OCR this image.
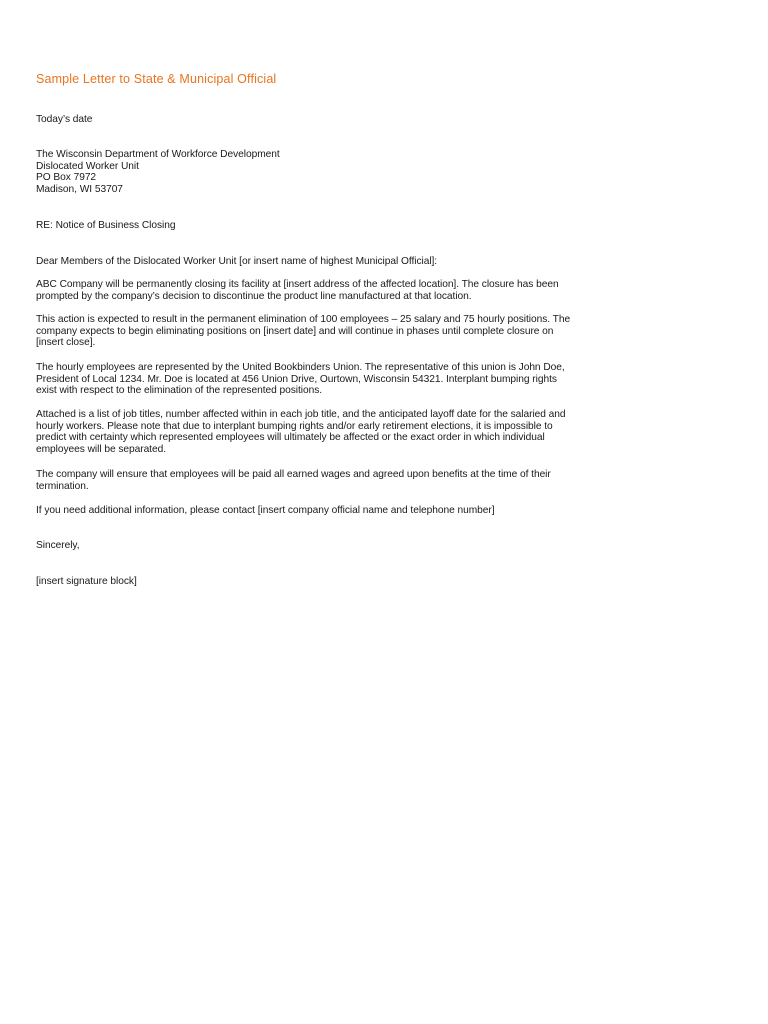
Sample Letter to State & Municipal Official
Today’s date
The Wisconsin Department of Workforce Development
Dislocated Worker Unit
PO Box 7972
Madison, WI 53707
RE: Notice of Business Closing
Dear Members of the Dislocated Worker Unit [or insert name of highest Municipal Official]:
ABC Company will be permanently closing its facility at [insert address of the affected location]. The closure has been
prompted by the company’s decision to discontinue the product line manufactured at that location.
This action is expected to result in the permanent elimination of 100 employees – 25 salary and 75 hourly positions. The
company expects to begin eliminating positions on [insert date] and will continue in phases until complete closure on
[insert close].
The hourly employees are represented by the United Bookbinders Union. The representative of this union is John Doe,
President of Local 1234. Mr. Doe is located at 456 Union Drive, Ourtown, Wisconsin 54321. Interplant bumping rights
exist with respect to the elimination of the represented positions.
Attached is a list of job titles, number affected within in each job title, and the anticipated layoff date for the salaried and
hourly workers. Please note that due to interplant bumping rights and/or early retirement elections, it is impossible to
predict with certainty which represented employees will ultimately be affected or the exact order in which individual
employees will be separated.
The company will ensure that employees will be paid all earned wages and agreed upon benefits at the time of their
termination.
If you need additional information, please contact [insert company official name and telephone number]
Sincerely,
[insert signature block]
